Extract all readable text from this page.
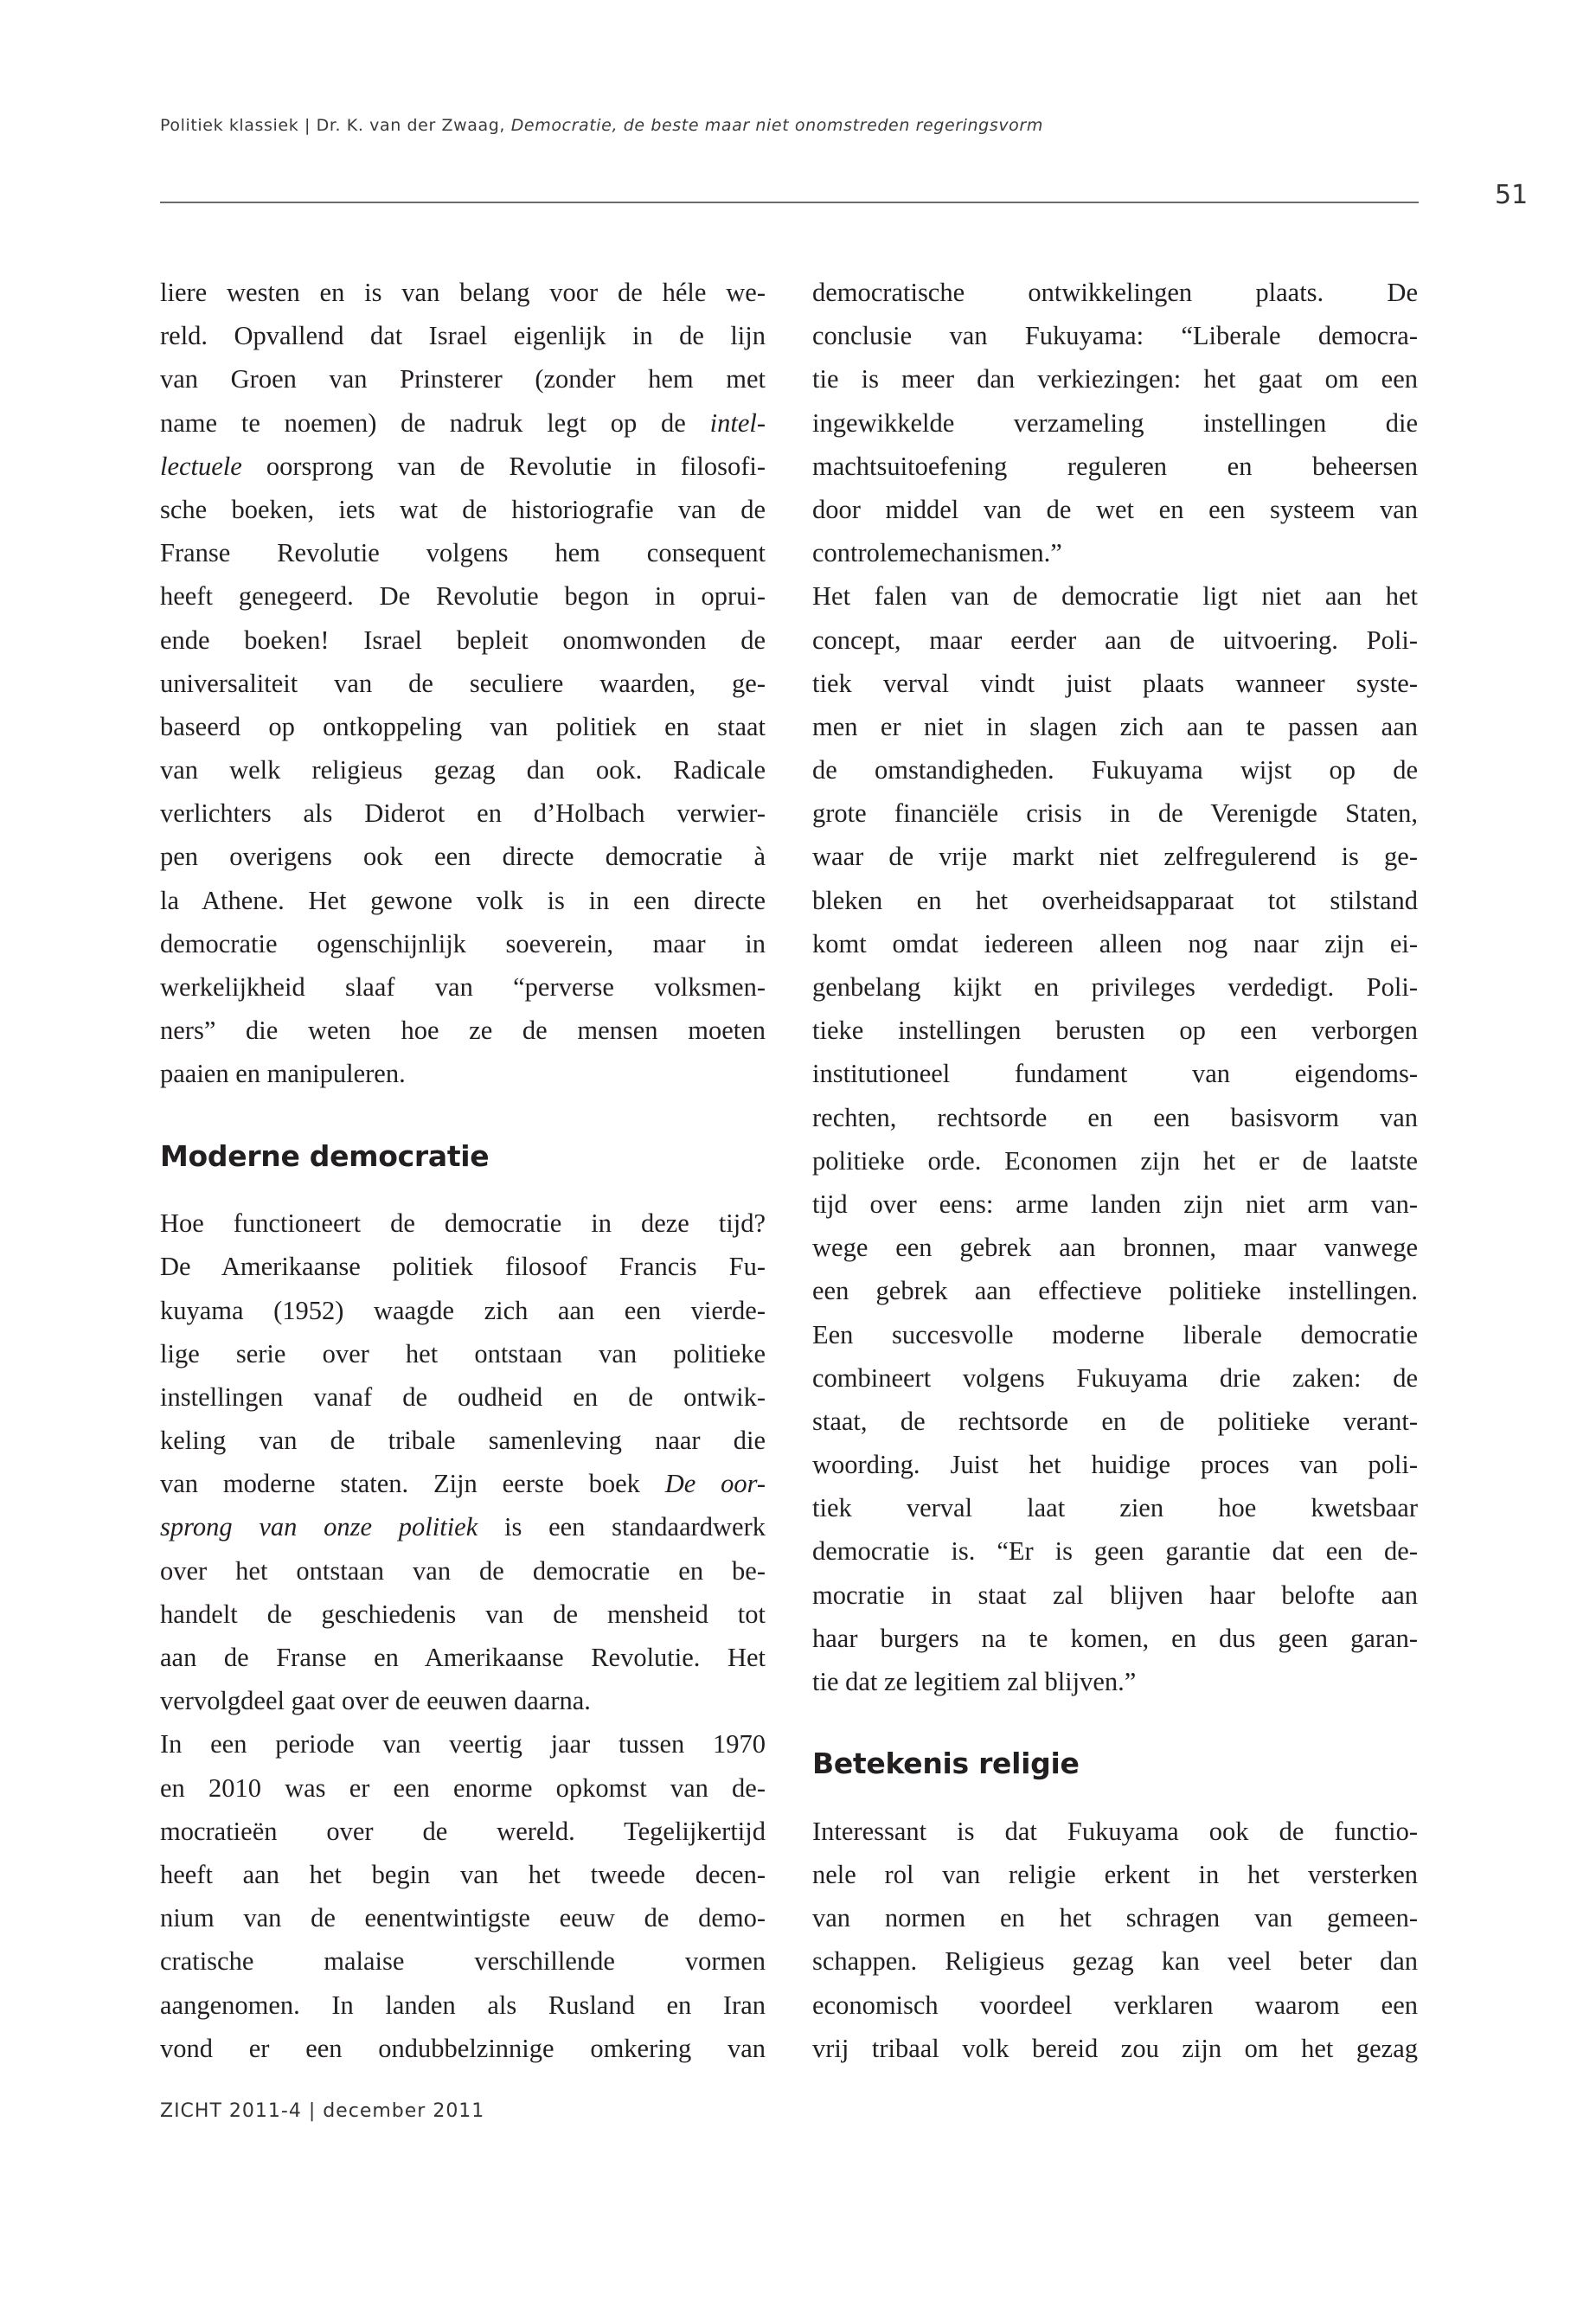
Politiek klassiek | Dr. K. van der Zwaag, Democratie, de beste maar niet onomstreden regeringsvorm
51
liere westen en is van belang voor de héle we-
reld. Opvallend dat Israel eigenlijk in de lijn
van Groen van Prinsterer (zonder hem met
name te noemen) de nadruk legt op de intel-
lectuele oorsprong van de Revolutie in filosofi-
sche boeken, iets wat de historiografie van de
Franse Revolutie volgens hem consequent
heeft genegeerd. De Revolutie begon in oprui-
ende boeken! Israel bepleit onomwonden de
universaliteit van de seculiere waarden, ge-
baseerd op ontkoppeling van politiek en staat
van welk religieus gezag dan ook. Radicale
verlichters als Diderot en d’Holbach verwier-
pen overigens ook een directe democratie à
la Athene. Het gewone volk is in een directe
democratie ogenschijnlijk soeverein, maar in
werkelijkheid slaaf van “perverse volksmen-
ners” die weten hoe ze de mensen moeten
paaien en manipuleren.
Moderne democratie
Hoe functioneert de democratie in deze tijd?
De Amerikaanse politiek filosoof Francis Fu-
kuyama (1952) waagde zich aan een vierde-
lige serie over het ontstaan van politieke
instellingen vanaf de oudheid en de ontwik-
keling van de tribale samenleving naar die
van moderne staten. Zijn eerste boek De oor-
sprong van onze politiek is een standaardwerk
over het ontstaan van de democratie en be-
handelt de geschiedenis van de mensheid tot
aan de Franse en Amerikaanse Revolutie. Het
vervolgdeel gaat over de eeuwen daarna.
In een periode van veertig jaar tussen 1970
en 2010 was er een enorme opkomst van de-
mocratieën over de wereld. Tegelijkertijd
heeft aan het begin van het tweede decen-
nium van de eenentwintigste eeuw de demo-
cratische malaise verschillende vormen
aangenomen. In landen als Rusland en Iran
vond er een ondubbelzinnige omkering van
democratische ontwikkelingen plaats. De
conclusie van Fukuyama: “Liberale democra-
tie is meer dan verkiezingen: het gaat om een
ingewikkelde verzameling instellingen die
machtsuitoefening reguleren en beheersen
door middel van de wet en een systeem van
controlemechanismen.”
Het falen van de democratie ligt niet aan het
concept, maar eerder aan de uitvoering. Poli-
tiek verval vindt juist plaats wanneer syste-
men er niet in slagen zich aan te passen aan
de omstandigheden. Fukuyama wijst op de
grote financiële crisis in de Verenigde Staten,
waar de vrije markt niet zelfregulerend is ge-
bleken en het overheidsapparaat tot stilstand
komt omdat iedereen alleen nog naar zijn ei-
genbelang kijkt en privileges verdedigt. Poli-
tieke instellingen berusten op een verborgen
institutioneel fundament van eigendoms-
rechten, rechtsorde en een basisvorm van
politieke orde. Economen zijn het er de laatste
tijd over eens: arme landen zijn niet arm van-
wege een gebrek aan bronnen, maar vanwege
een gebrek aan effectieve politieke instellingen.
Een succesvolle moderne liberale democratie
combineert volgens Fukuyama drie zaken: de
staat, de rechtsorde en de politieke verant-
woording. Juist het huidige proces van poli-
tiek verval laat zien hoe kwetsbaar
democratie is. “Er is geen garantie dat een de-
mocratie in staat zal blijven haar belofte aan
haar burgers na te komen, en dus geen garan-
tie dat ze legitiem zal blijven.”
Betekenis religie
Interessant is dat Fukuyama ook de functio-
nele rol van religie erkent in het versterken
van normen en het schragen van gemeen-
schappen. Religieus gezag kan veel beter dan
economisch voordeel verklaren waarom een
vrij tribaal volk bereid zou zijn om het gezag
ZICHT 2011-4 | december 2011
